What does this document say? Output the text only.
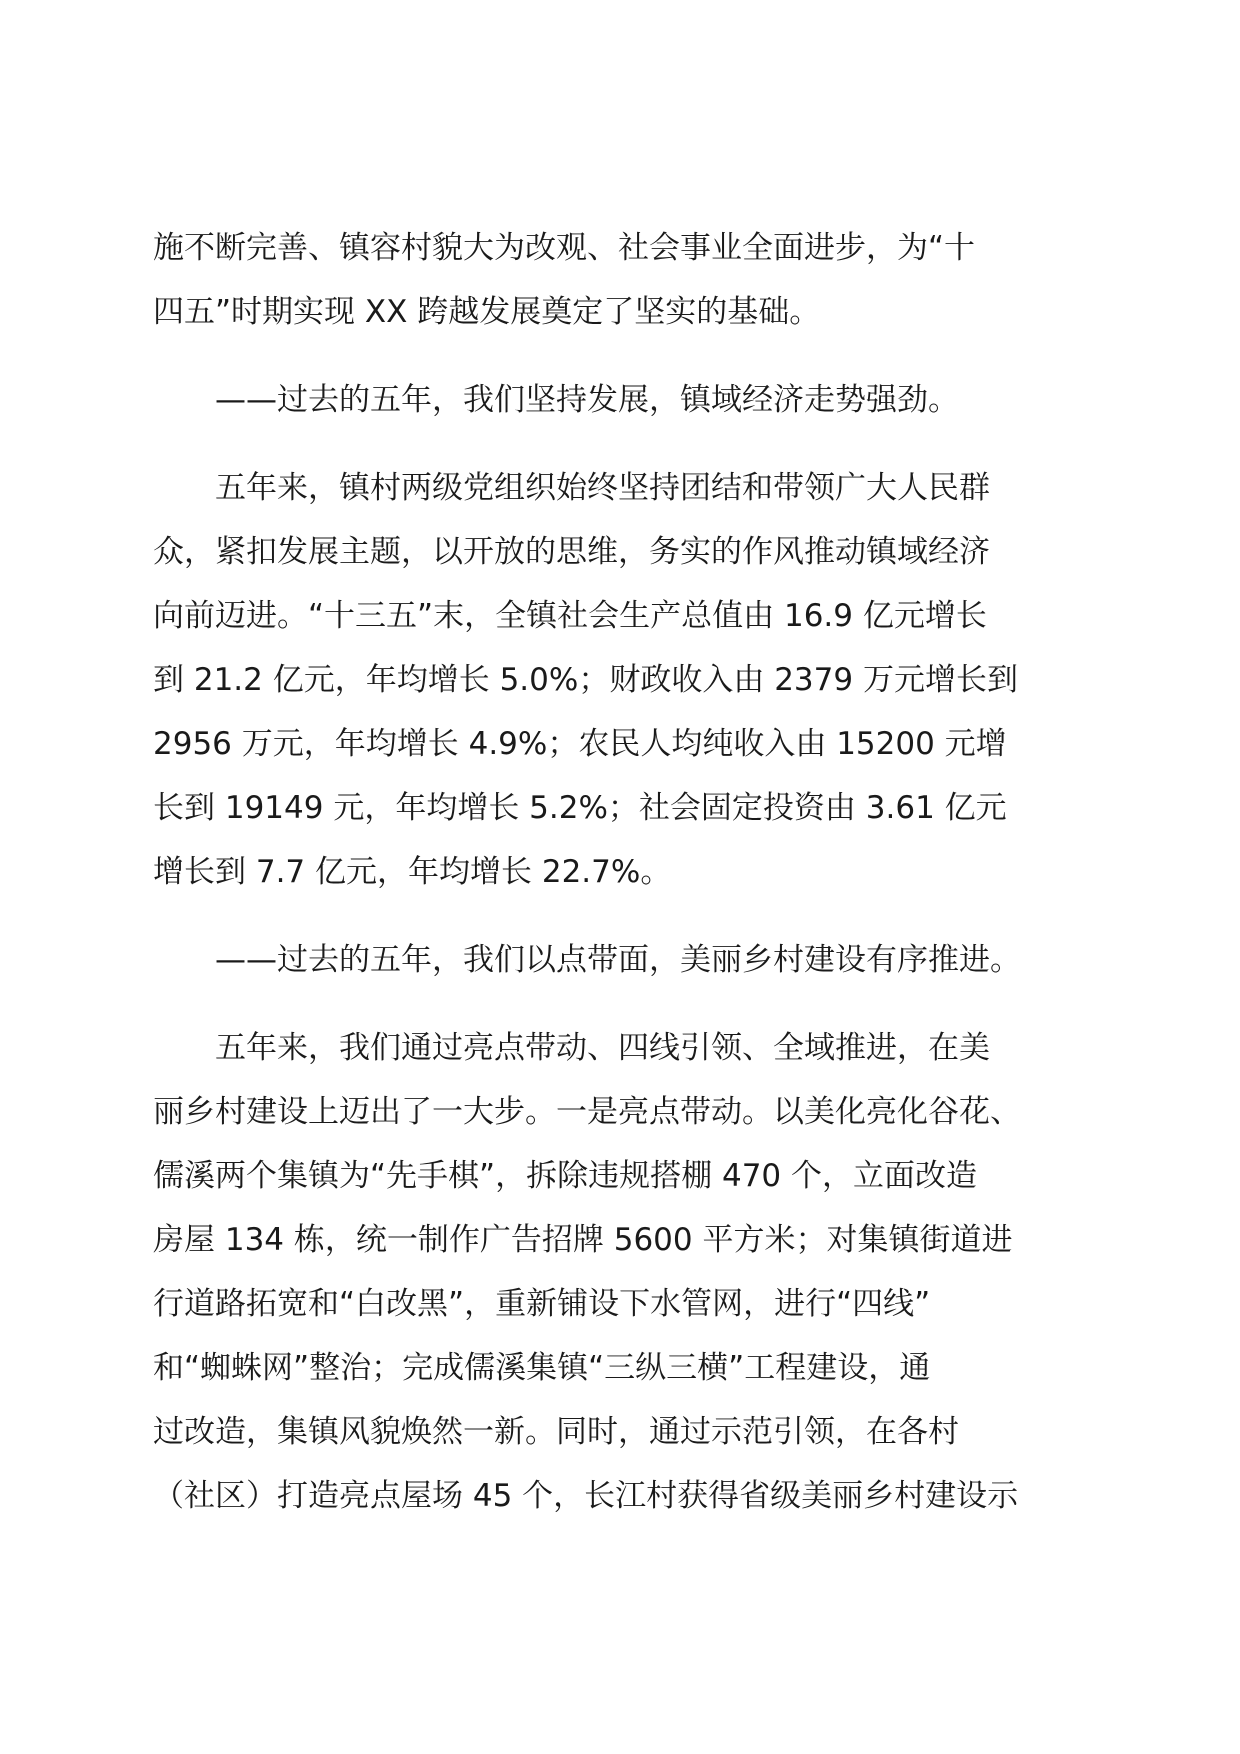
施不断完善、镇容村貌大为改观、社会事业全面进步，为“十
四五”时期实现 XX 跨越发展奠定了坚实的基础。

——过去的五年，我们坚持发展，镇域经济走势强劲。

五年来，镇村两级党组织始终坚持团结和带领广大人民群
众，紧扣发展主题，以开放的思维，务实的作风推动镇域经济
向前迈进。“十三五”末，全镇社会生产总值由 16.9 亿元增长
到 21.2 亿元，年均增长 5.0%；财政收入由 2379 万元增长到
2956 万元，年均增长 4.9%；农民人均纯收入由 15200 元增
长到 19149 元，年均增长 5.2%；社会固定投资由 3.61 亿元
增长到 7.7 亿元，年均增长 22.7%。

——过去的五年，我们以点带面，美丽乡村建设有序推进。

五年来，我们通过亮点带动、四线引领、全域推进，在美
丽乡村建设上迈出了一大步。一是亮点带动。以美化亮化谷花、
儒溪两个集镇为“先手棋”，拆除违规搭棚 470 个，立面改造
房屋 134 栋，统一制作广告招牌 5600 平方米；对集镇街道进
行道路拓宽和“白改黑”，重新铺设下水管网，进行“四线”
和“蜘蛛网”整治；完成儒溪集镇“三纵三横”工程建设，通
过改造，集镇风貌焕然一新。同时，通过示范引领，在各村
（社区）打造亮点屋场 45 个，长江村获得省级美丽乡村建设示
